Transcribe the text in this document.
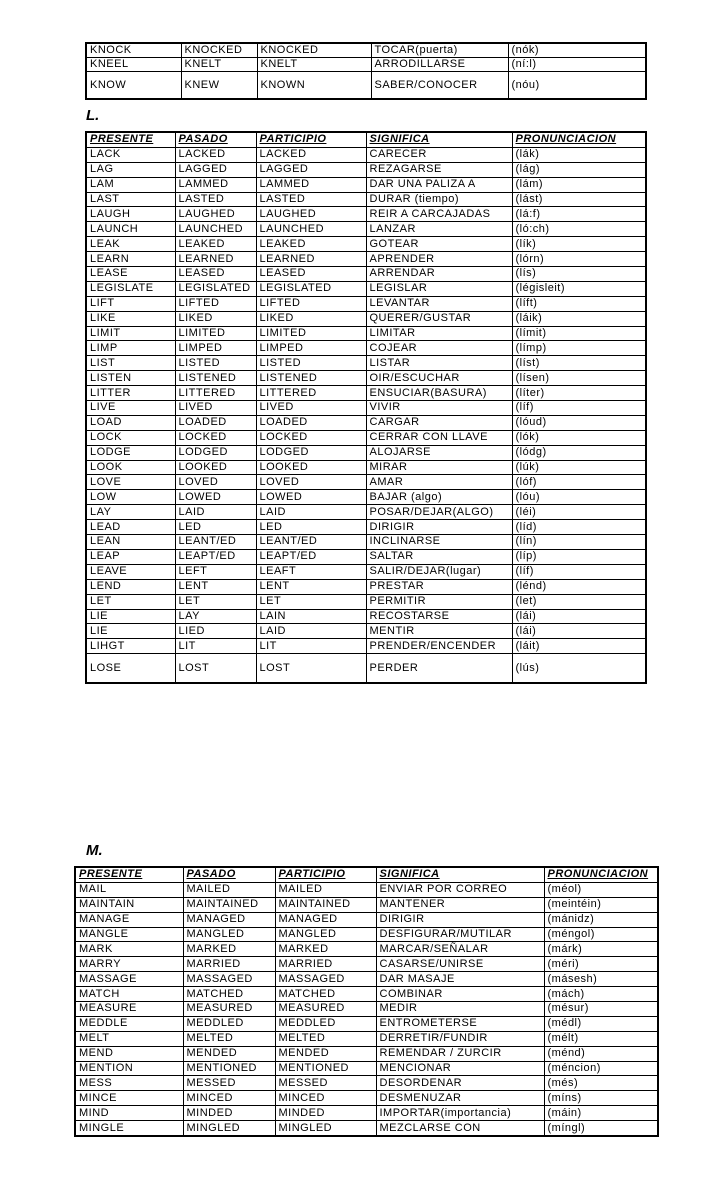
KNOCK	KNOCKED	KNOCKED	TOCAR(puerta)	(nók)
KNEEL	KNELT	KNELT	ARRODILLARSE	(ní:l)
KNOW	KNEW	KNOWN	SABER/CONOCER	(nóu)
L.
PRESENTE	PASADO	PARTICIPIO	SIGNIFICA	PRONUNCIACION
LACK	LACKED	LACKED	CARECER	(lák)
LAG	LAGGED	LAGGED	REZAGARSE	(lág)
LAM	LAMMED	LAMMED	DAR UNA PALIZA A	(lám)
LAST	LASTED	LASTED	DURAR (tiempo)	(lást)
LAUGH	LAUGHED	LAUGHED	REIR A CARCAJADAS	(lá:f)
LAUNCH	LAUNCHED	LAUNCHED	LANZAR	(ló:ch)
LEAK	LEAKED	LEAKED	GOTEAR	(lík)
LEARN	LEARNED	LEARNED	APRENDER	(lórn)
LEASE	LEASED	LEASED	ARRENDAR	(lís)
LEGISLATE	LEGISLATED	LEGISLATED	LEGISLAR	(législeit)
LIFT	LIFTED	LIFTED	LEVANTAR	(líft)
LIKE	LIKED	LIKED	QUERER/GUSTAR	(láik)
LIMIT	LIMITED	LIMITED	LIMITAR	(límit)
LIMP	LIMPED	LIMPED	COJEAR	(límp)
LIST	LISTED	LISTED	LISTAR	(líst)
LISTEN	LISTENED	LISTENED	OIR/ESCUCHAR	(lísen)
LITTER	LITTERED	LITTERED	ENSUCIAR(BASURA)	(líter)
LIVE	LIVED	LIVED	VIVIR	(líf)
LOAD	LOADED	LOADED	CARGAR	(lóud)
LOCK	LOCKED	LOCKED	CERRAR CON LLAVE	(lók)
LODGE	LODGED	LODGED	ALOJARSE	(lódg)
LOOK	LOOKED	LOOKED	MIRAR	(lúk)
LOVE	LOVED	LOVED	AMAR	(lóf)
LOW	LOWED	LOWED	BAJAR (algo)	(lóu)
LAY	LAID	LAID	POSAR/DEJAR(ALGO)	(léi)
LEAD	LED	LED	DIRIGIR	(líd)
LEAN	LEANT/ED	LEANT/ED	INCLINARSE	(lín)
LEAP	LEAPT/ED	LEAPT/ED	SALTAR	(líp)
LEAVE	LEFT	LEAFT	SALIR/DEJAR(lugar)	(líf)
LEND	LENT	LENT	PRESTAR	(lénd)
LET	LET	LET	PERMITIR	(let)
LIE	LAY	LAIN	RECOSTARSE	(lái)
LIE	LIED	LAID	MENTIR	(lái)
LIHGT	LIT	LIT	PRENDER/ENCENDER	(láit)
LOSE	LOST	LOST	PERDER	(lús)
M.
PRESENTE	PASADO	PARTICIPIO	SIGNIFICA	PRONUNCIACION
MAIL	MAILED	MAILED	ENVIAR POR CORREO	(méol)
MAINTAIN	MAINTAINED	MAINTAINED	MANTENER	(meintéin)
MANAGE	MANAGED	MANAGED	DIRIGIR	(mánidz)
MANGLE	MANGLED	MANGLED	DESFIGURAR/MUTILAR	(méngol)
MARK	MARKED	MARKED	MARCAR/SEÑALAR	(márk)
MARRY	MARRIED	MARRIED	CASARSE/UNIRSE	(méri)
MASSAGE	MASSAGED	MASSAGED	DAR MASAJE	(másesh)
MATCH	MATCHED	MATCHED	COMBINAR	(mách)
MEASURE	MEASURED	MEASURED	MEDIR	(mésur)
MEDDLE	MEDDLED	MEDDLED	ENTROMETERSE	(médl)
MELT	MELTED	MELTED	DERRETIR/FUNDIR	(mélt)
MEND	MENDED	MENDED	REMENDAR / ZURCIR	(ménd)
MENTION	MENTIONED	MENTIONED	MENCIONAR	(méncion)
MESS	MESSED	MESSED	DESORDENAR	(més)
MINCE	MINCED	MINCED	DESMENUZAR	(míns)
MIND	MINDED	MINDED	IMPORTAR(importancia)	(máin)
MINGLE	MINGLED	MINGLED	MEZCLARSE CON	(míngl)
